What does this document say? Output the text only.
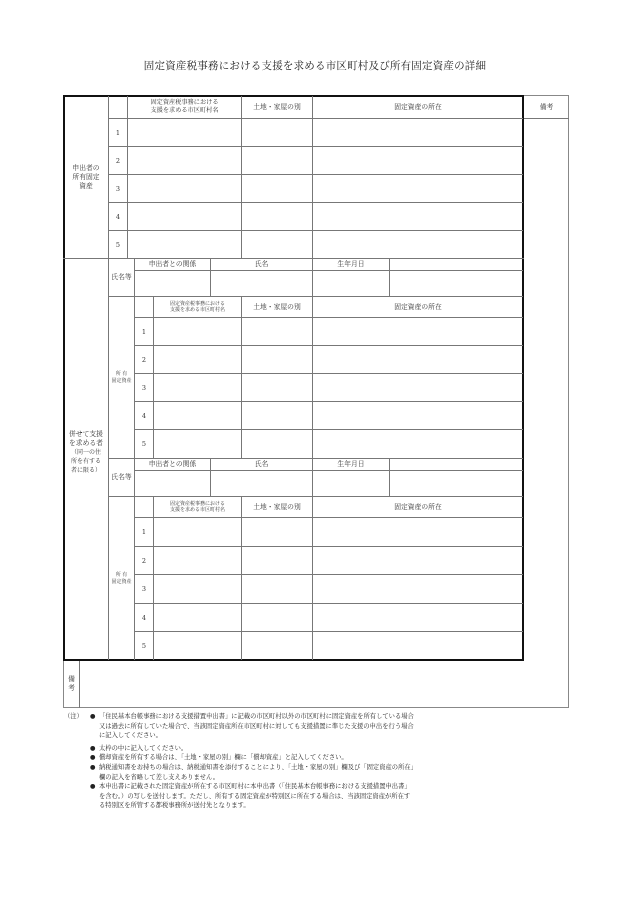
固定資産税事務における支援を求める市区町村及び所有固定資産の詳細
備考
申出者の
所有固定
資産
固定資産税事務における
支援を求める市区町村名	土地・家屋の別	固定資産の所在
1
2
3
4
5
併せて支援
を求める者
（同一の住
所を有する
者に限る）
氏名等
申出者との関係	氏名	生年月日
所 有
固定資産
固定資産税事務における
支援を求める市区町村名	土地・家屋の別	固定資産の所在
1
2
3
4
5
氏名等
申出者との関係	氏名	生年月日
所 有
固定資産
固定資産税事務における
支援を求める市区町村名	土地・家屋の別	固定資産の所在
1
2
3
4
5
備
考
（注）	● 「住民基本台帳事務における支援措置申出書」に記載の市区町村以外の市区町村に固定資産を所有している場合
又は過去に所有していた場合で、当該固定資産所在市区町村に対しても支援措置に準じた支援の申出を行う場合
に記入してください。
● 太枠の中に記入してください。
● 償却資産を所有する場合は、「土地・家屋の別」欄に「償却資産」と記入してください。
● 納税通知書をお持ちの場合は、納税通知書を添付することにより、「土地・家屋の別」欄及び「固定資産の所在」
欄の記入を省略して差し支えありません。
● 本申出書に記載された固定資産が所在する市区町村に本申出書（「住民基本台帳事務における支援措置申出書」
を含む。）の写しを送付します。ただし、所有する固定資産が特別区に所在する場合は、当該固定資産が所在す
る特別区を所管する都税事務所が送付先となります。
